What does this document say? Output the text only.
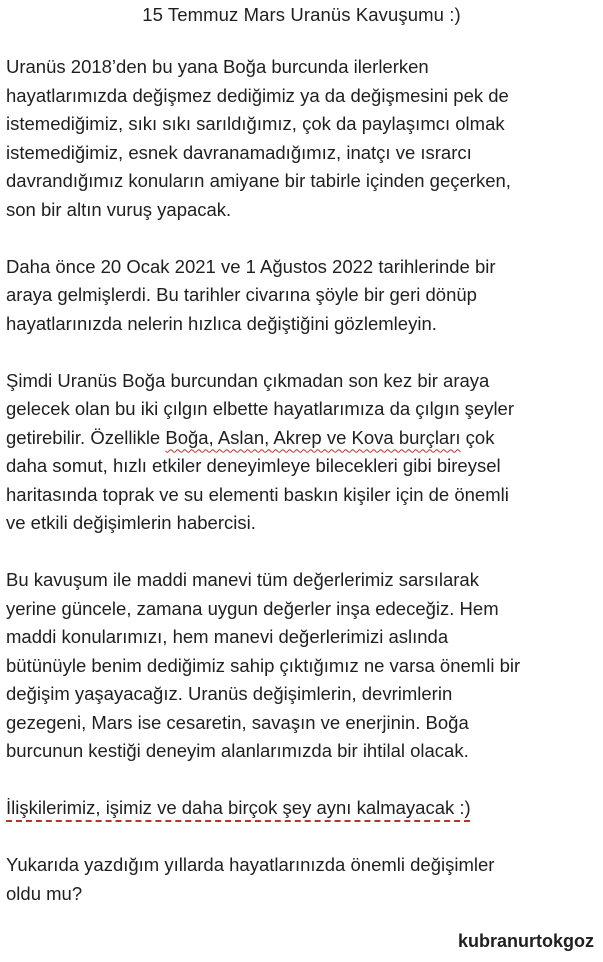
15 Temmuz Mars Uranüs Kavuşumu :)
Uranüs 2018’den bu yana Boğa burcunda ilerlerken
hayatlarımızda değişmez dediğimiz ya da değişmesini pek de
istemediğimiz, sıkı sıkı sarıldığımız, çok da paylaşımcı olmak
istemediğimiz, esnek davranamadığımız, inatçı ve ısrarcı
davrandığımız konuların amiyane bir tabirle içinden geçerken,
son bir altın vuruş yapacak.
Daha önce 20 Ocak 2021 ve 1 Ağustos 2022 tarihlerinde bir
araya gelmişlerdi. Bu tarihler civarına şöyle bir geri dönüp
hayatlarınızda nelerin hızlıca değiştiğini gözlemleyin.
Şimdi Uranüs Boğa burcundan çıkmadan son kez bir araya
gelecek olan bu iki çılgın elbette hayatlarımıza da çılgın şeyler
getirebilir. Özellikle Boğa, Aslan, Akrep ve Kova burçları çok
daha somut, hızlı etkiler deneyimleye bilecekleri gibi bireysel
haritasında toprak ve su elementi baskın kişiler için de önemli
ve etkili değişimlerin habercisi.
Bu kavuşum ile maddi manevi tüm değerlerimiz sarsılarak
yerine güncele, zamana uygun değerler inşa edeceğiz. Hem
maddi konularımızı, hem manevi değerlerimizi aslında
bütünüyle benim dediğimiz sahip çıktığımız ne varsa önemli bir
değişim yaşayacağız. Uranüs değişimlerin, devrimlerin
gezegeni, Mars ise cesaretin, savaşın ve enerjinin. Boğa
burcunun kestiği deneyim alanlarımızda bir ihtilal olacak.
İlişkilerimiz, işimiz ve daha birçok şey aynı kalmayacak :)
Yukarıda yazdığım yıllarda hayatlarınızda önemli değişimler
oldu mu?
kubranurtokgoz
